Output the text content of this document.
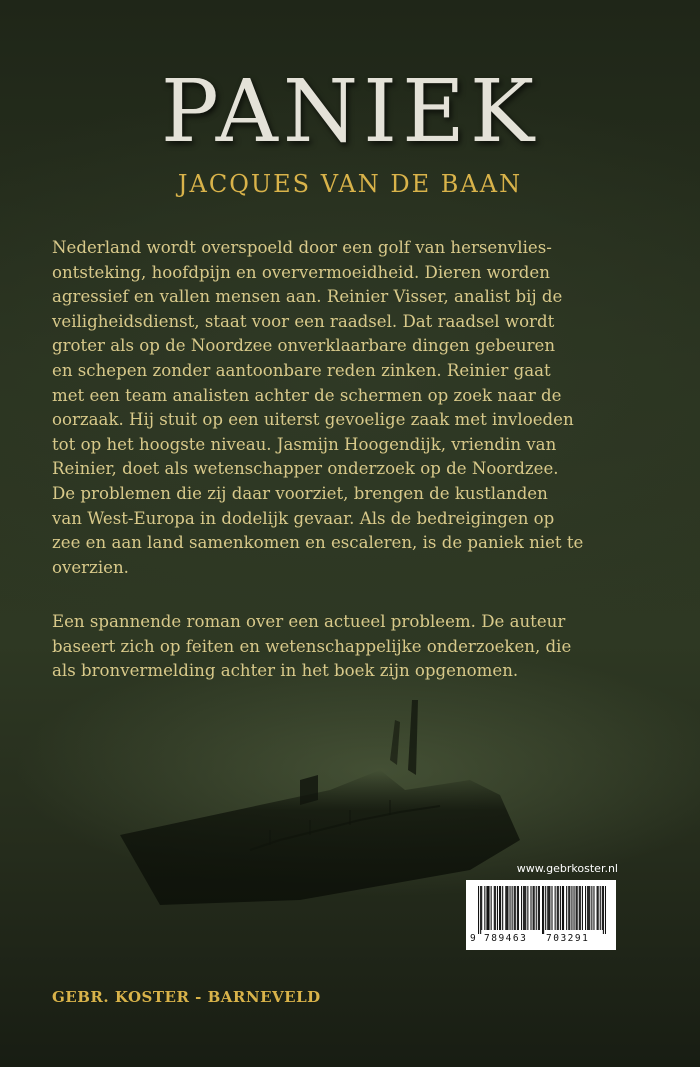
PANIEK
JACQUES VAN DE BAAN
Nederland wordt overspoeld door een golf van hersenvlies-
ontsteking, hoofdpijn en oververmoeidheid. Dieren worden
agressief en vallen mensen aan. Reinier Visser, analist bij de
veiligheidsdienst, staat voor een raadsel. Dat raadsel wordt
groter als op de Noordzee onverklaarbare dingen gebeuren
en schepen zonder aantoonbare reden zinken. Reinier gaat
met een team analisten achter de schermen op zoek naar de
oorzaak. Hij stuit op een uiterst gevoelige zaak met invloeden
tot op het hoogste niveau. Jasmijn Hoogendijk, vriendin van
Reinier, doet als wetenschapper onderzoek op de Noordzee.
De problemen die zij daar voorziet, brengen de kustlanden
van West-Europa in dodelijk gevaar. Als de bedreigingen op
zee en aan land samenkomen en escaleren, is de paniek niet te
overzien.
Een spannende roman over een actueel probleem. De auteur
baseert zich op feiten en wetenschappelijke onderzoeken, die
als bronvermelding achter in het boek zijn opgenomen.
www.gebrkoster.nl
9 789463 703291
GEBR. KOSTER - BARNEVELD
